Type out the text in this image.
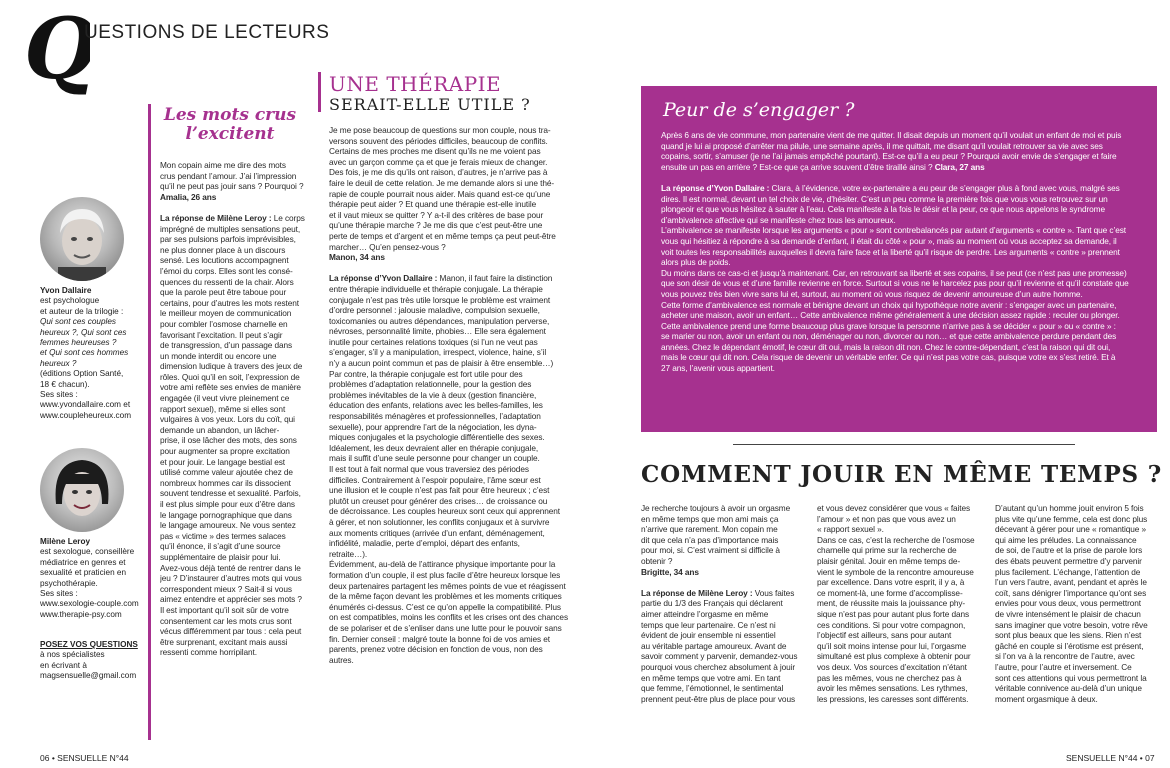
Q
UESTIONS DE LECTEURS
Yvon Dallaire
est psychologue
et auteur de la trilogie :
Qui sont ces couples
heureux ?, Qui sont ces
femmes heureuses ?
et Qui sont ces hommes
heureux ?
(éditions Option Santé,
18 € chacun).
Ses sites :
www.yvondallaire.com et
www.coupleheureux.com
Milène Leroy
est sexologue, conseillère
médiatrice en genres et
sexualité et praticien en
psychothérapie.
Ses sites :
www.sexologie-couple.com
www.therapie-psy.com
POSEZ VOS QUESTIONS
à nos spécialistes
en écrivant à
magsensuelle@gmail.com
Les mots crus
l’excitent

Mon copain aime me dire des mots

crus pendant l’amour. J’ai l’impression

qu’il ne peut pas jouir sans ? Pourquoi ?

Amalia, 26 ans

La réponse de Milène Leroy : Le corps

imprégné de multiples sensations peut,

par ses pulsions parfois imprévisibles,

ne plus donner place à un discours

sensé. Les locutions accompagnent

l’émoi du corps. Elles sont les consé-

quences du ressenti de la chair. Alors

que la parole peut être taboue pour

certains, pour d’autres les mots restent

le meilleur moyen de communication

pour combler l’osmose charnelle en

favorisant l’excitation. Il peut s’agir

de transgression, d’un passage dans

un monde interdit ou encore une

dimension ludique à travers des jeux de

rôles. Quoi qu’il en soit, l’expression de

votre ami reflète ses envies de manière

engagée (il veut vivre pleinement ce

rapport sexuel), même si elles sont

vulgaires à vos yeux. Lors du coït, qui

demande un abandon, un lâcher-

prise, il ose lâcher des mots, des sons

pour augmenter sa propre excitation

et pour jouir. Le langage bestial est

utilisé comme valeur ajoutée chez de

nombreux hommes car ils dissocient

souvent tendresse et sexualité. Parfois,

il est plus simple pour eux d’être dans

le langage pornographique que dans

le langage amoureux. Ne vous sentez

pas « victime » des termes salaces

qu’il énonce, il s’agit d’une source

supplémentaire de plaisir pour lui.

Avez-vous déjà tenté de rentrer dans le

jeu ? D’instaurer d’autres mots qui vous

correspondent mieux ? Sait-il si vous

aimez entendre et apprécier ses mots ?

Il est important qu’il soit sûr de votre

consentement car les mots crus sont

vécus différemment par tous : cela peut

être surprenant, excitant mais aussi

ressenti comme horripilant.

UNE THÉRAPIE
SERAIT-ELLE UTILE ?

Je me pose beaucoup de questions sur mon couple, nous tra-

versons souvent des périodes difficiles, beaucoup de conflits.

Certains de mes proches me disent qu’ils ne me voient pas

avec un garçon comme ça et que je ferais mieux de changer.

Des fois, je me dis qu’ils ont raison, d’autres, je n’arrive pas à

faire le deuil de cette relation. Je me demande alors si une thé-

rapie de couple pourrait nous aider. Mais quand est-ce qu’une

thérapie peut aider ? Et quand une thérapie est-elle inutile

et il vaut mieux se quitter ? Y a-t-il des critères de base pour

qu’une thérapie marche ? Je me dis que c’est peut-être une

perte de temps et d’argent et en même temps ça peut peut-être

marcher… Qu’en pensez-vous ?

Manon, 34 ans

La réponse d’Yvon Dallaire : Manon, il faut faire la distinction

entre thérapie individuelle et thérapie conjugale. La thérapie

conjugale n’est pas très utile lorsque le problème est vraiment

d’ordre personnel : jalousie maladive, compulsion sexuelle,

toxicomanies ou autres dépendances, manipulation perverse,

névroses, personnalité limite, phobies… Elle sera également

inutile pour certaines relations toxiques (si l’un ne veut pas

s’engager, s’il y a manipulation, irrespect, violence, haine, s’il

n’y a aucun point commun et pas de plaisir à être ensemble…)

Par contre, la thérapie conjugale est fort utile pour des

problèmes d’adaptation relationnelle, pour la gestion des

problèmes inévitables de la vie à deux (gestion financière,

éducation des enfants, relations avec les belles-familles, les

responsabilités ménagères et professionnelles, l’adaptation

sexuelle), pour apprendre l’art de la négociation, les dyna-

miques conjugales et la psychologie différentielle des sexes.

Idéalement, les deux devraient aller en thérapie conjugale,

mais il suffit d’une seule personne pour changer un couple.

Il est tout à fait normal que vous traversiez des périodes

difficiles. Contrairement à l’espoir populaire, l’âme sœur est

une illusion et le couple n’est pas fait pour être heureux ; c’est

plutôt un creuset pour générer des crises… de croissance ou

de décroissance. Les couples heureux sont ceux qui apprennent

à gérer, et non solutionner, les conflits conjugaux et à survivre

aux moments critiques (arrivée d’un enfant, déménagement,

infidélité, maladie, perte d’emploi, départ des enfants,

retraite…).

Évidemment, au-delà de l’attirance physique importante pour la

formation d’un couple, il est plus facile d’être heureux lorsque les

deux partenaires partagent les mêmes points de vue et réagissent

de la même façon devant les problèmes et les moments critiques

énumérés ci-dessus. C’est ce qu’on appelle la compatibilité. Plus

on est compatibles, moins les conflits et les crises ont des chances

de se polariser et de s’enliser dans une lutte pour le pouvoir sans

fin. Dernier conseil : malgré toute la bonne foi de vos amies et

parents, prenez votre décision en fonction de vous, non des autres.

Peur de s’engager ?

Après 6 ans de vie commune, mon partenaire vient de me quitter. Il disait depuis un moment qu’il voulait un enfant de moi et puis

quand je lui ai proposé d’arrêter ma pilule, une semaine après, il me quittait, me disant qu’il voulait retrouver sa vie avec ses

copains, sortir, s’amuser (je ne l’ai jamais empêché pourtant). Est-ce qu’il a eu peur ? Pourquoi avoir envie de s’engager et faire

ensuite un pas en arrière ? Est-ce que ça arrive souvent d’être tiraillé ainsi ? Clara, 27 ans

La réponse d’Yvon Dallaire : Clara, à l’évidence, votre ex-partenaire a eu peur de s’engager plus à fond avec vous, malgré ses

dires. Il est normal, devant un tel choix de vie, d’hésiter. C’est un peu comme la première fois que vous vous retrouvez sur un

plongeoir et que vous hésitez à sauter à l’eau. Cela manifeste à la fois le désir et la peur, ce que nous appelons le syndrome

d’ambivalence affective qui se manifeste chez tous les amoureux.

L’ambivalence se manifeste lorsque les arguments « pour » sont contrebalancés par autant d’arguments « contre ». Tant que c’est

vous qui hésitiez à répondre à sa demande d’enfant, il était du côté « pour », mais au moment où vous acceptez sa demande, il

voit toutes les responsabilités auxquelles il devra faire face et la liberté qu’il risque de perdre. Les arguments « contre » prennent

alors plus de poids.

Du moins dans ce cas-ci et jusqu’à maintenant. Car, en retrouvant sa liberté et ses copains, il se peut (ce n’est pas une promesse)

que son désir de vous et d’une famille revienne en force. Surtout si vous ne le harcelez pas pour qu’il revienne et qu’il constate que

vous pouvez très bien vivre sans lui et, surtout, au moment où vous risquez de devenir amoureuse d’un autre homme.

Cette forme d’ambivalence est normale et bénigne devant un choix qui hypothèque notre avenir : s’engager avec un partenaire,

acheter une maison, avoir un enfant… Cette ambivalence même généralement à une décision assez rapide : reculer ou plonger.

Cette ambivalence prend une forme beaucoup plus grave lorsque la personne n’arrive pas à se décider « pour » ou « contre » :

se marier ou non, avoir un enfant ou non, déménager ou non, divorcer ou non… et que cette ambivalence perdure pendant des

années. Chez le dépendant émotif, le cœur dit oui, mais la raison dit non. Chez le contre-dépendant, c’est la raison qui dit oui,

mais le cœur qui dit non. Cela risque de devenir un véritable enfer. Ce qui n’est pas votre cas, puisque votre ex s’est retiré. Et à

27 ans, l’avenir vous appartient.

COMMENT JOUIR EN MÊME TEMPS ?

Je recherche toujours à avoir un orgasme

en même temps que mon ami mais ça

n’arrive que rarement. Mon copain me

dit que cela n’a pas d’importance mais

pour moi, si. C’est vraiment si difficile à

obtenir ?

Brigitte, 34 ans

La réponse de Milène Leroy : Vous faites

partie du 1/3 des Français qui déclarent

aimer atteindre l’orgasme en même

temps que leur partenaire. Ce n’est ni

évident de jouir ensemble ni essentiel

au véritable partage amoureux. Avant de

savoir comment y parvenir, demandez-vous

pourquoi vous cherchez absolument à jouir

en même temps que votre ami. En tant

que femme, l’émotionnel, le sentimental

prennent peut-être plus de place pour vous

et vous devez considérer que vous « faites

l’amour » et non pas que vous avez un

« rapport sexuel ».

Dans ce cas, c’est la recherche de l’osmose

charnelle qui prime sur la recherche de

plaisir génital. Jouir en même temps de-

vient le symbole de la rencontre amoureuse

par excellence. Dans votre esprit, il y a, à

ce moment-là, une forme d’accomplisse-

ment, de réussite mais la jouissance phy-

sique n’est pas pour autant plus forte dans

ces conditions. Si pour votre compagnon,

l’objectif est ailleurs, sans pour autant

qu’il soit moins intense pour lui, l’orgasme

simultané est plus complexe à obtenir pour

vos deux. Vos sources d’excitation n’étant

pas les mêmes, vous ne cherchez pas à

avoir les mêmes sensations. Les rythmes,

les pressions, les caresses sont différents.

D’autant qu’un homme jouit environ 5 fois

plus vite qu’une femme, cela est donc plus

décevant à gérer pour une « romantique »

qui aime les préludes. La connaissance

de soi, de l’autre et la prise de parole lors

des ébats peuvent permettre d’y parvenir

plus facilement. L’échange, l’attention de

l’un vers l’autre, avant, pendant et après le

coït, sans dénigrer l’importance qu’ont ses

envies pour vous deux, vous permettront

de vivre intensément le plaisir de chacun

sans imaginer que votre besoin, votre rêve

sont plus beaux que les siens. Rien n’est

gâché en couple si l’érotisme est présent,

si l’on va à la rencontre de l’autre, avec

l’autre, pour l’autre et inversement. Ce

sont ces attentions qui vous permettront la

véritable connivence au-delà d’un unique

moment orgasmique à deux.

06 • SENSUELLE N°44	SENSUELLE N°44 • 07
